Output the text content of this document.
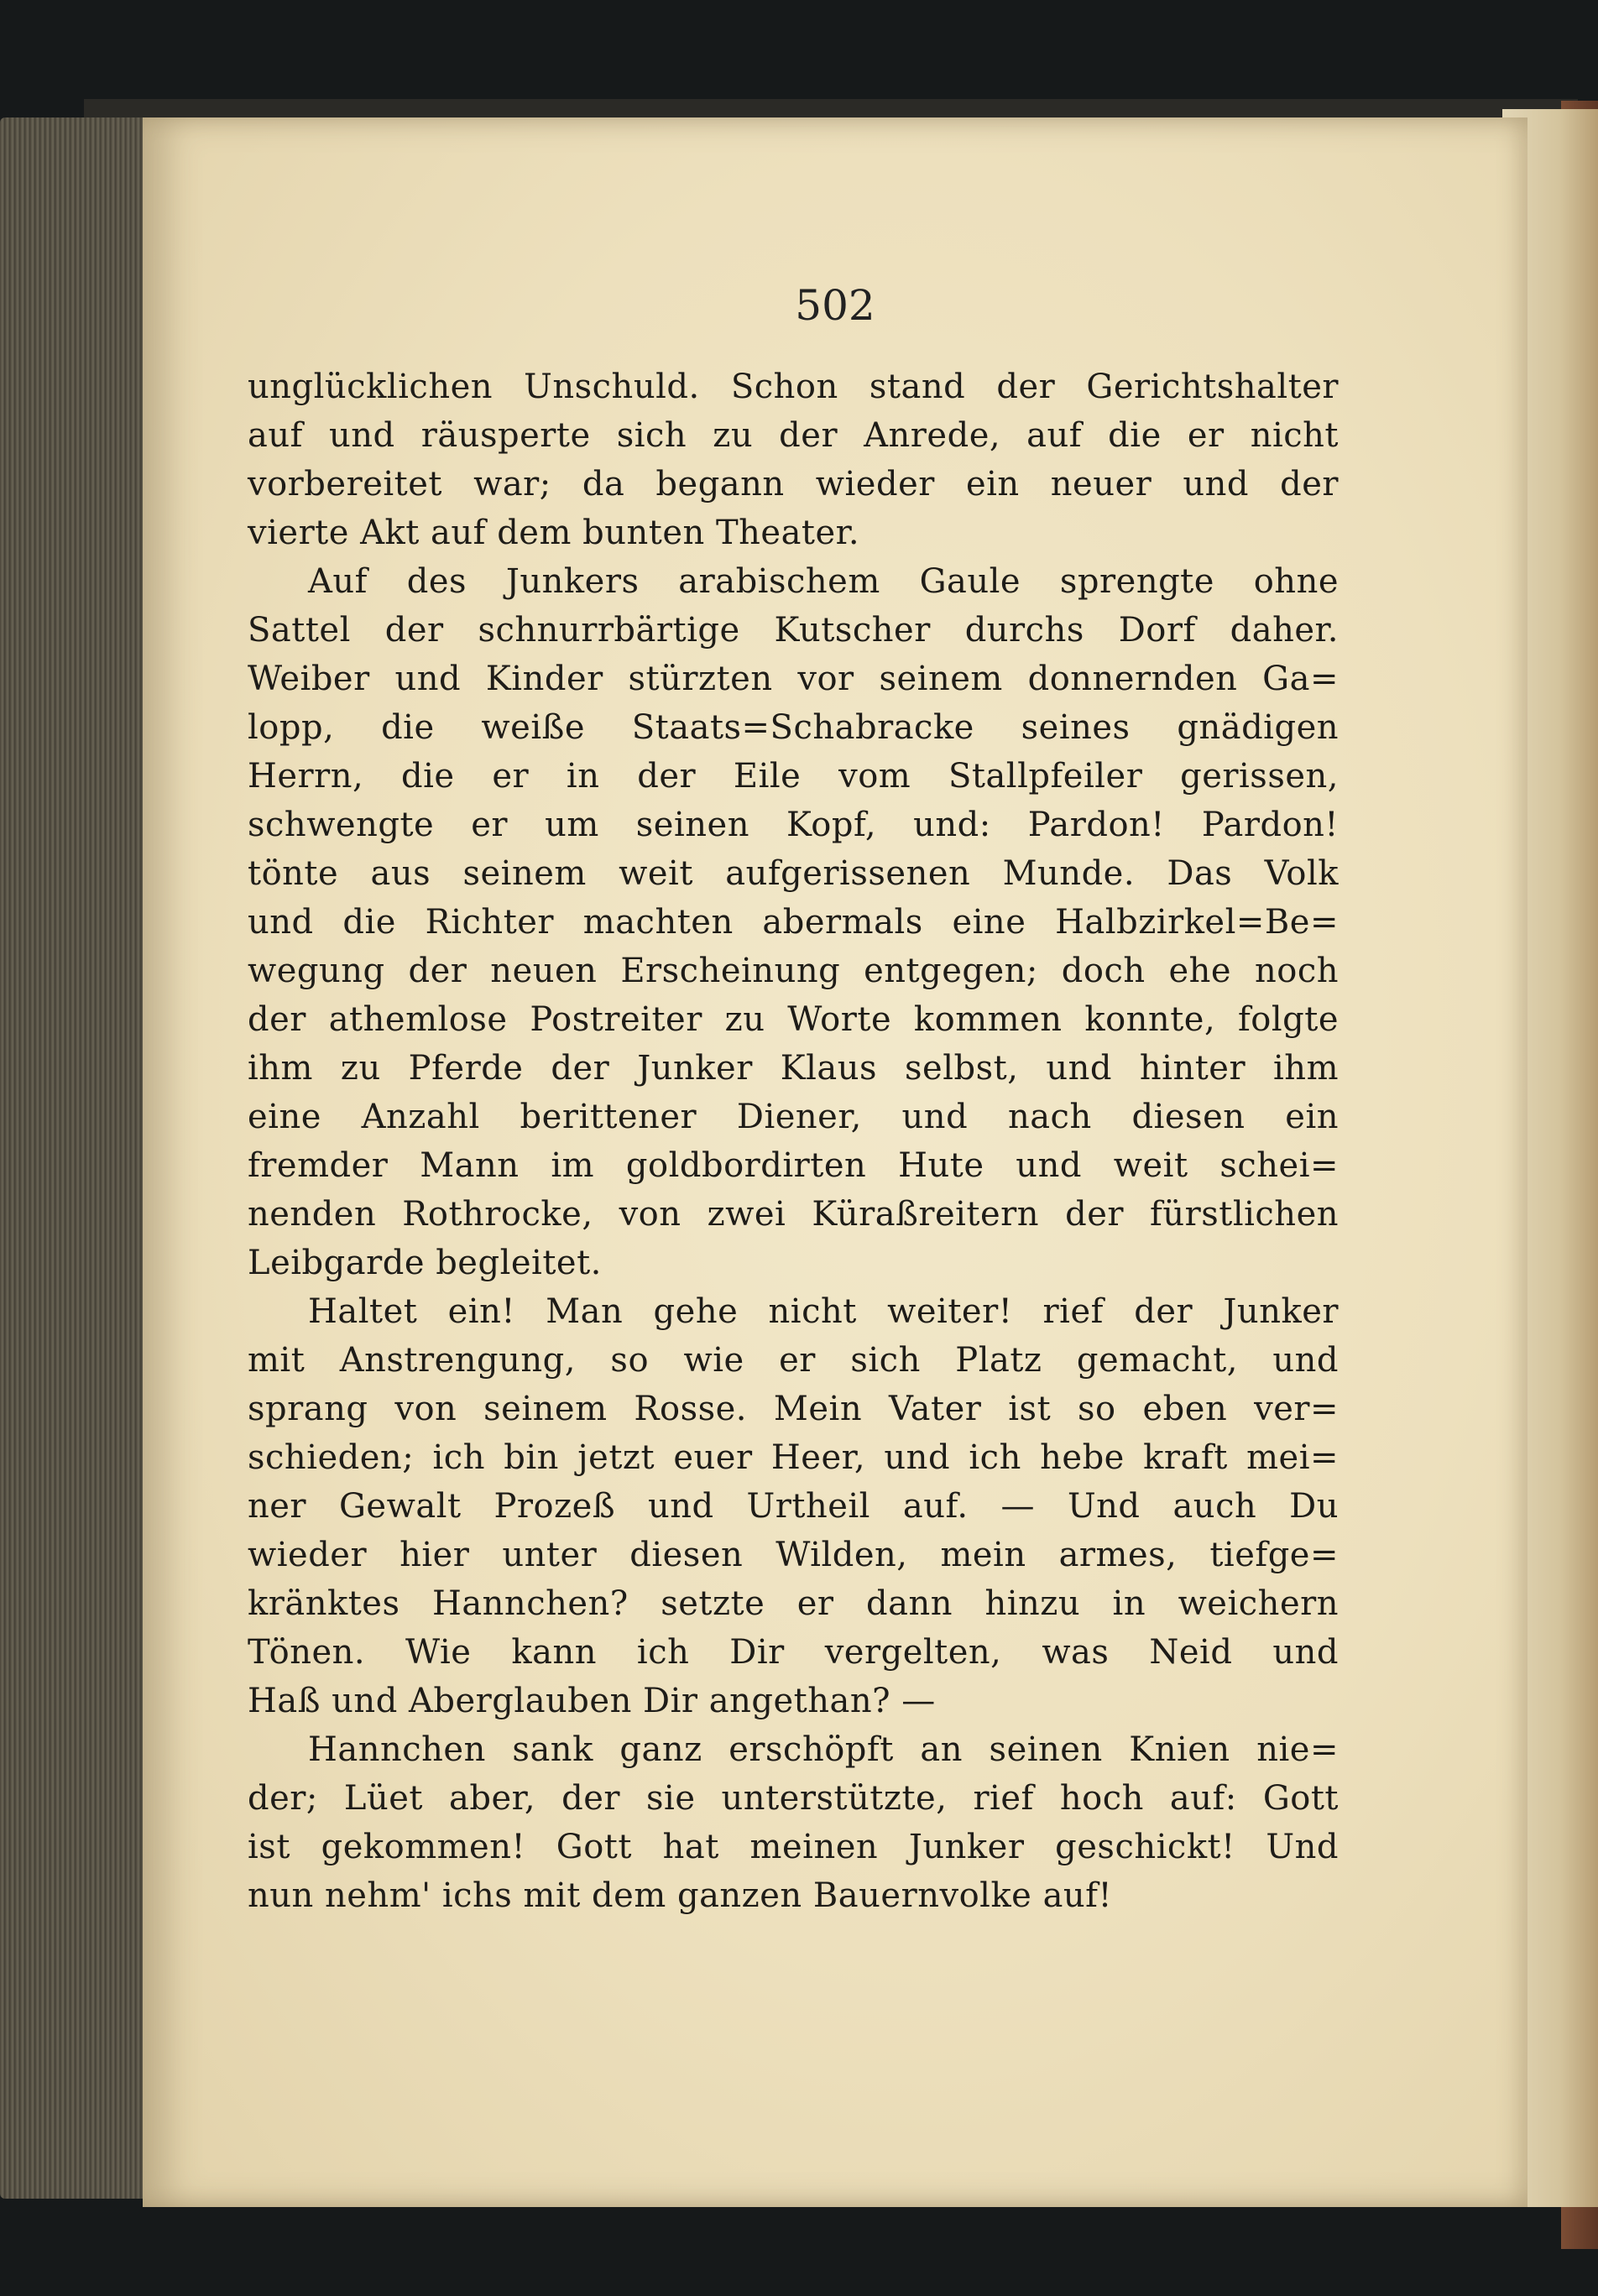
502
unglücklichen Unschuld. Schon stand der Gerichtshalter
auf und räusperte sich zu der Anrede, auf die er nicht
vorbereitet war; da begann wieder ein neuer und der
vierte Akt auf dem bunten Theater.
Auf des Junkers arabischem Gaule sprengte ohne
Sattel der schnurrbärtige Kutscher durchs Dorf daher.
Weiber und Kinder stürzten vor seinem donnernden Ga=
lopp, die weiße Staats=Schabracke seines gnädigen
Herrn, die er in der Eile vom Stallpfeiler gerissen,
schwengte er um seinen Kopf, und: Pardon! Pardon!
tönte aus seinem weit aufgerissenen Munde. Das Volk
und die Richter machten abermals eine Halbzirkel=Be=
wegung der neuen Erscheinung entgegen; doch ehe noch
der athemlose Postreiter zu Worte kommen konnte, folgte
ihm zu Pferde der Junker Klaus selbst, und hinter ihm
eine Anzahl berittener Diener, und nach diesen ein
fremder Mann im goldbordirten Hute und weit schei=
nenden Rothrocke, von zwei Küraßreitern der fürstlichen
Leibgarde begleitet.
Haltet ein! Man gehe nicht weiter! rief der Junker
mit Anstrengung, so wie er sich Platz gemacht, und
sprang von seinem Rosse. Mein Vater ist so eben ver=
schieden; ich bin jetzt euer Heer, und ich hebe kraft mei=
ner Gewalt Prozeß und Urtheil auf. — Und auch Du
wieder hier unter diesen Wilden, mein armes, tiefge=
kränktes Hannchen? setzte er dann hinzu in weichern
Tönen. Wie kann ich Dir vergelten, was Neid und
Haß und Aberglauben Dir angethan? —
Hannchen sank ganz erschöpft an seinen Knien nie=
der; Lüet aber, der sie unterstützte, rief hoch auf: Gott
ist gekommen! Gott hat meinen Junker geschickt! Und
nun nehm' ichs mit dem ganzen Bauernvolke auf!
